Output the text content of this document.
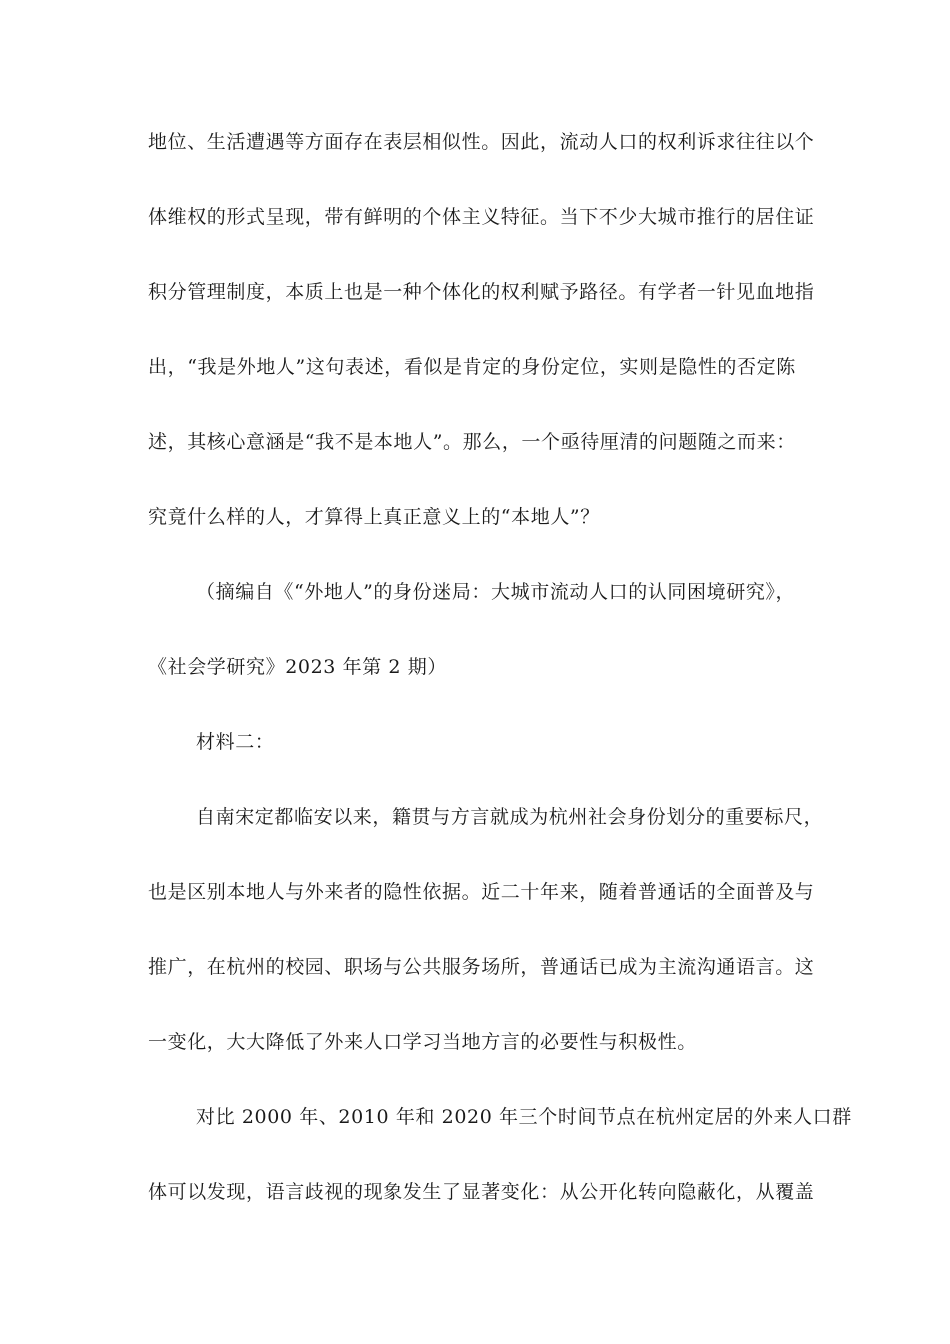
地位、生活遭遇等方面存在表层相似性。因此，流动人口的权利诉求往往以个
体维权的形式呈现，带有鲜明的个体主义特征。当下不少大城市推行的居住证
积分管理制度，本质上也是一种个体化的权利赋予路径。有学者一针见血地指
出，“我是外地人”这句表述，看似是肯定的身份定位，实则是隐性的否定陈
述，其核心意涵是“我不是本地人”。那么，一个亟待厘清的问题随之而来：
究竟什么样的人，才算得上真正意义上的“本地人”？
（摘编自《“外地人”的身份迷局：大城市流动人口的认同困境研究》，
《社会学研究》2023 年第 2 期）
材料二：
自南宋定都临安以来，籍贯与方言就成为杭州社会身份划分的重要标尺，
也是区别本地人与外来者的隐性依据。近二十年来，随着普通话的全面普及与
推广，在杭州的校园、职场与公共服务场所，普通话已成为主流沟通语言。这
一变化，大大降低了外来人口学习当地方言的必要性与积极性。
对比 2000 年、2010 年和 2020 年三个时间节点在杭州定居的外来人口群
体可以发现，语言歧视的现象发生了显著变化：从公开化转向隐蔽化，从覆盖
